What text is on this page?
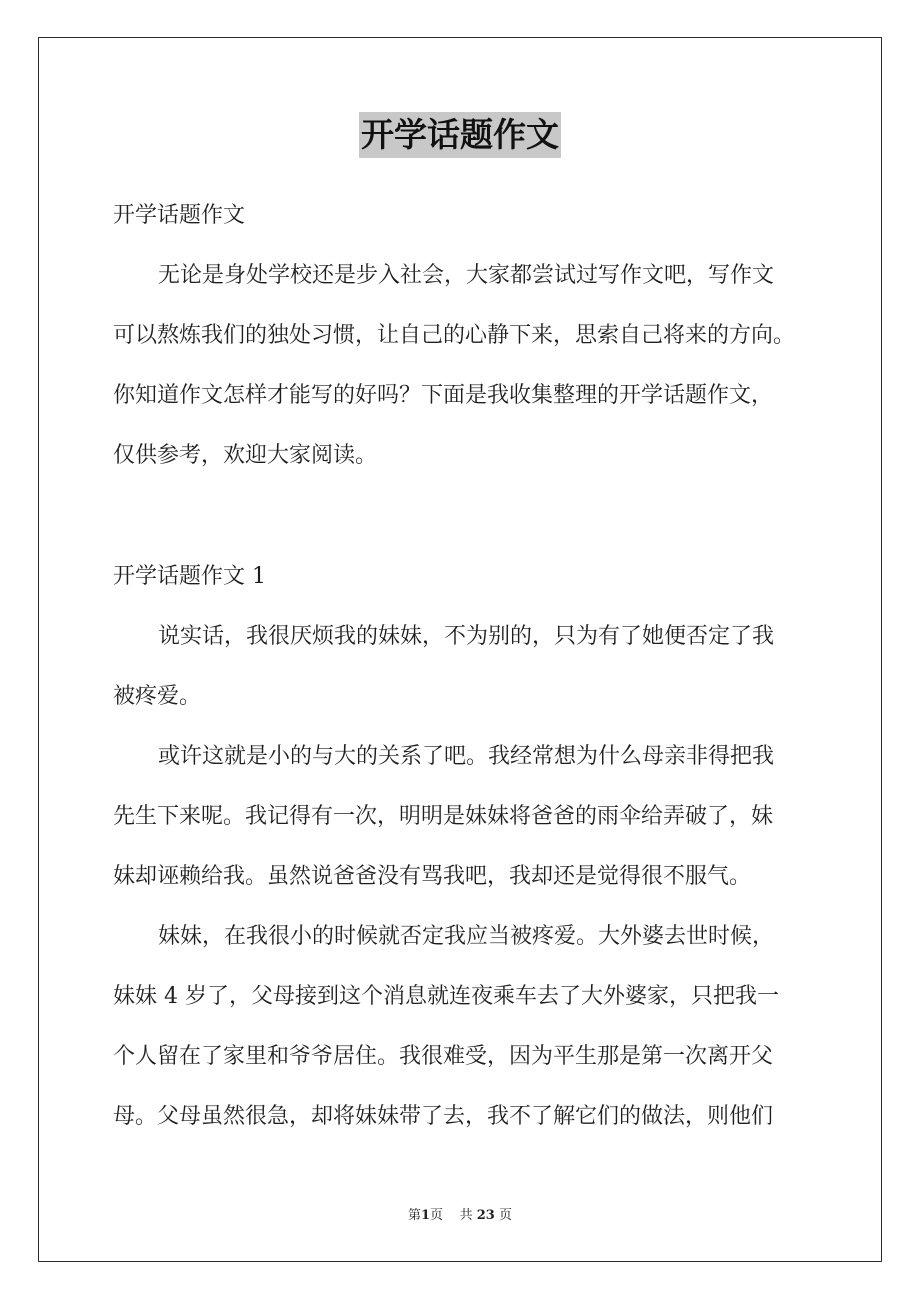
开学话题作文
开学话题作文
无论是身处学校还是步入社会，大家都尝试过写作文吧，写作文
可以熬炼我们的独处习惯，让自己的心静下来，思索自己将来的方向。
你知道作文怎样才能写的好吗？下面是我收集整理的开学话题作文，
仅供参考，欢迎大家阅读。
开学话题作文 1
说实话，我很厌烦我的妹妹，不为别的，只为有了她便否定了我
被疼爱。
或许这就是小的与大的关系了吧。我经常想为什么母亲非得把我
先生下来呢。我记得有一次，明明是妹妹将爸爸的雨伞给弄破了，妹
妹却诬赖给我。虽然说爸爸没有骂我吧，我却还是觉得很不服气。
妹妹，在我很小的时候就否定我应当被疼爱。大外婆去世时候，
妹妹 4 岁了，父母接到这个消息就连夜乘车去了大外婆家，只把我一
个人留在了家里和爷爷居住。我很难受，因为平生那是第一次离开父
母。父母虽然很急，却将妹妹带了去，我不了解它们的做法，则他们
第1页 共 23 页
